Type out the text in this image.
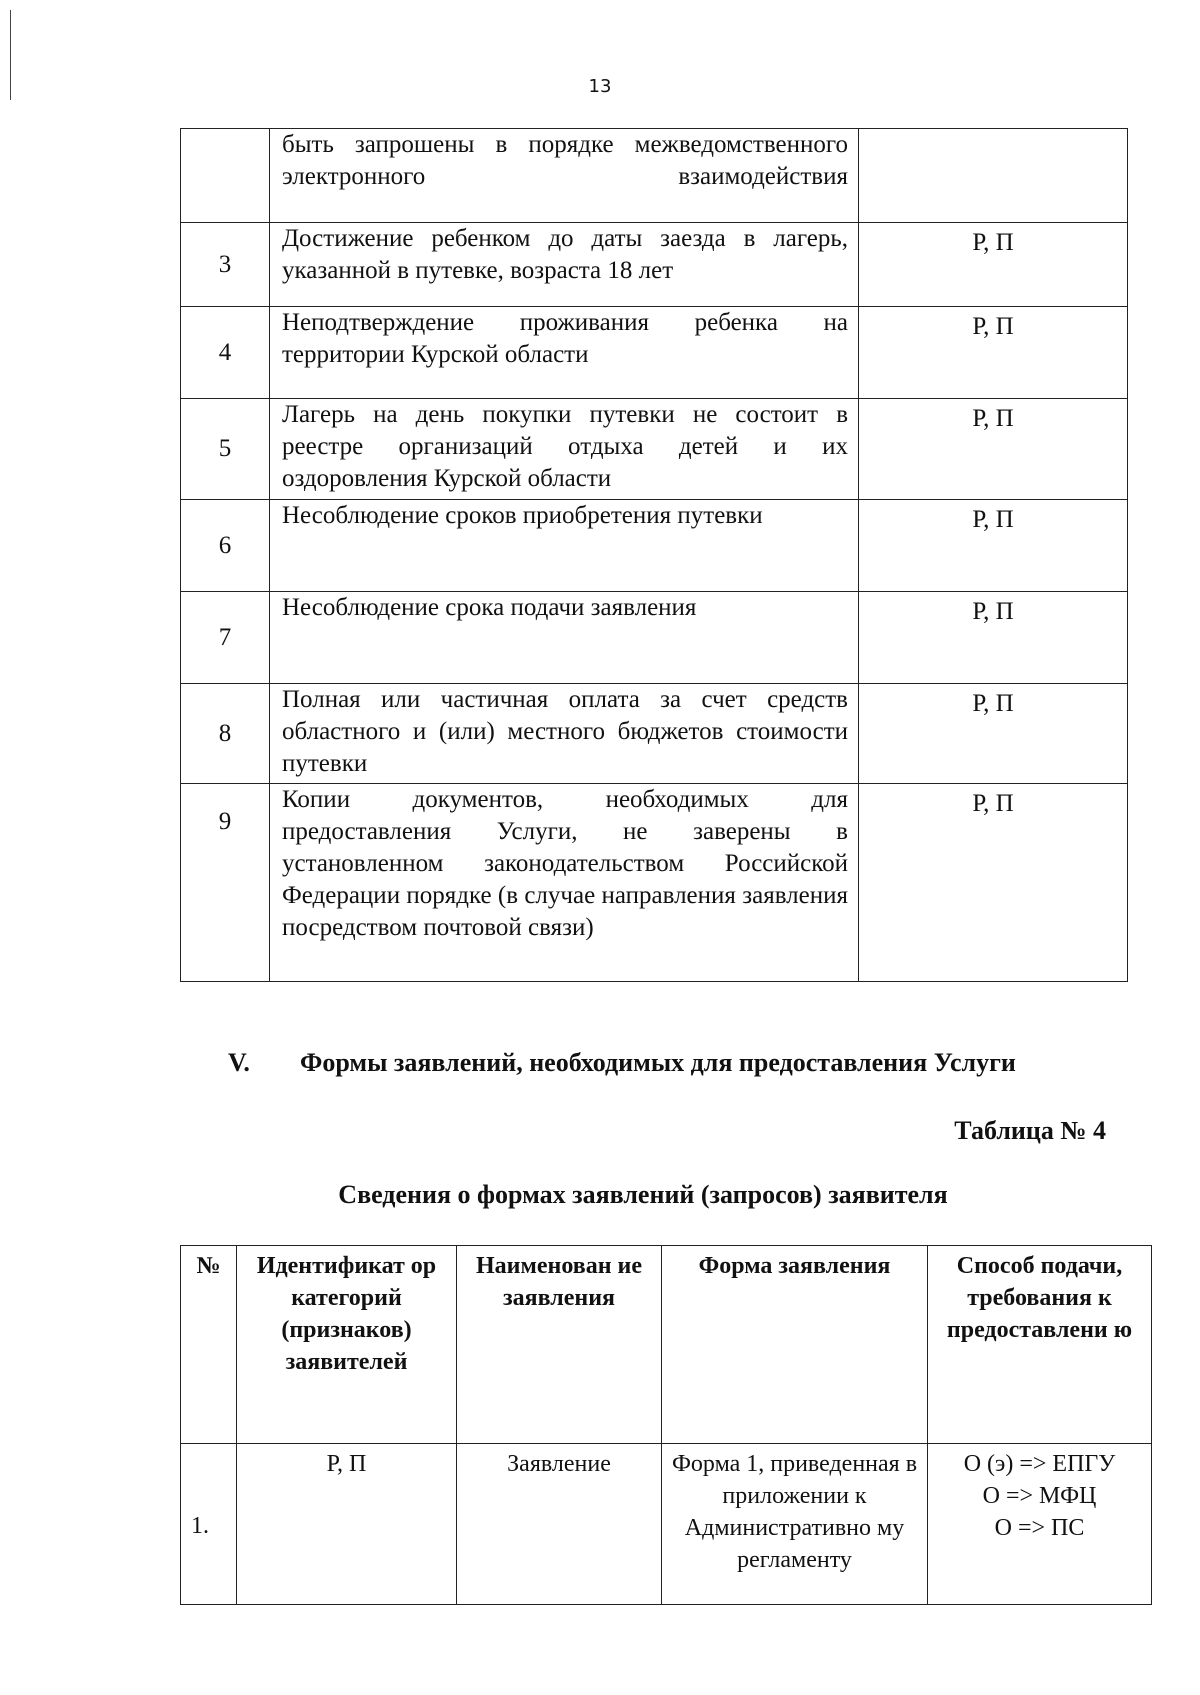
13
	быть запрошены в порядке межведомственного электронного взаимодействия	
3	Достижение ребенком до даты заезда в лагерь, указанной в путевке, возраста 18 лет	Р, П
4	Неподтверждение проживания ребенка на территории Курской области	Р, П
5	Лагерь на день покупки путевки не состоит в реестре организаций отдыха детей и их оздоровления Курской области	Р, П
6	Несоблюдение сроков приобретения путевки	Р, П
7	Несоблюдение срока подачи заявления	Р, П
8	Полная или частичная оплата за счет средств областного и (или) местного бюджетов стоимости путевки	Р, П
9	Копии документов, необходимых для предоставления Услуги, не заверены в установленном законодательством Российской Федерации порядке (в случае направления заявления посредством почтовой связи)	Р, П
V. Формы заявлений, необходимых для предоставления Услуги
Таблица № 4
Сведения о формах заявлений (запросов) заявителя
№	Идентификат ор категорий (признаков) заявителей	Наименован ие заявления	Форма заявления	Способ подачи, требования к предоставлени ю
1.	Р, П	Заявление	Форма 1, приведенная в приложении к Административно му регламенту	О (э) => ЕПГУ
О => МФЦ
О => ПС
